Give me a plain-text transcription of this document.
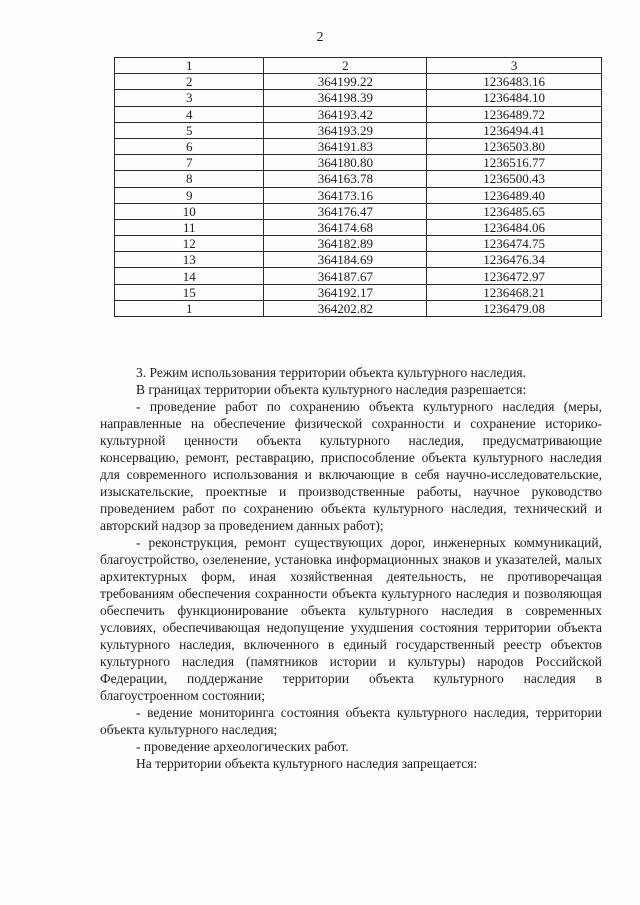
2
1	2	3
2	364199.22	1236483.16
3	364198.39	1236484.10
4	364193.42	1236489.72
5	364193.29	1236494.41
6	364191.83	1236503.80
7	364180.80	1236516.77
8	364163.78	1236500.43
9	364173.16	1236489.40
10	364176.47	1236485.65
11	364174.68	1236484.06
12	364182.89	1236474.75
13	364184.69	1236476.34
14	364187.67	1236472.97
15	364192.17	1236468.21
1	364202.82	1236479.08

3. Режим использования территории объекта культурного наследия.

В границах территории объекта культурного наследия разрешается:

- проведение работ по сохранению объекта культурного наследия (меры, направленные на обеспечение физической сохранности и сохранение историко-культурной ценности объекта культурного наследия, предусматривающие консервацию, ремонт, реставрацию, приспособление объекта культурного наследия для современного использования и включающие в себя научно-исследовательские, изыскательские, проектные и производственные работы, научное руководство проведением работ по сохранению объекта культурного наследия, технический и авторский надзор за проведением данных работ);

- реконструкция, ремонт существующих дорог, инженерных коммуникаций, благоустройство, озеленение, установка информационных знаков и указателей, малых архитектурных форм, иная хозяйственная деятельность, не противоречащая требованиям обеспечения сохранности объекта культурного наследия и позволяющая обеспечить функционирование объекта культурного наследия в современных условиях, обеспечивающая недопущение ухудшения состояния территории объекта культурного наследия, включенного в единый государственный реестр объектов культурного наследия (памятников истории и культуры) народов Российской Федерации, поддержание территории объекта культурного наследия в благоустроенном состоянии;

- ведение мониторинга состояния объекта культурного наследия, территории объекта культурного наследия;

- проведение археологических работ.

На территории объекта культурного наследия запрещается:
